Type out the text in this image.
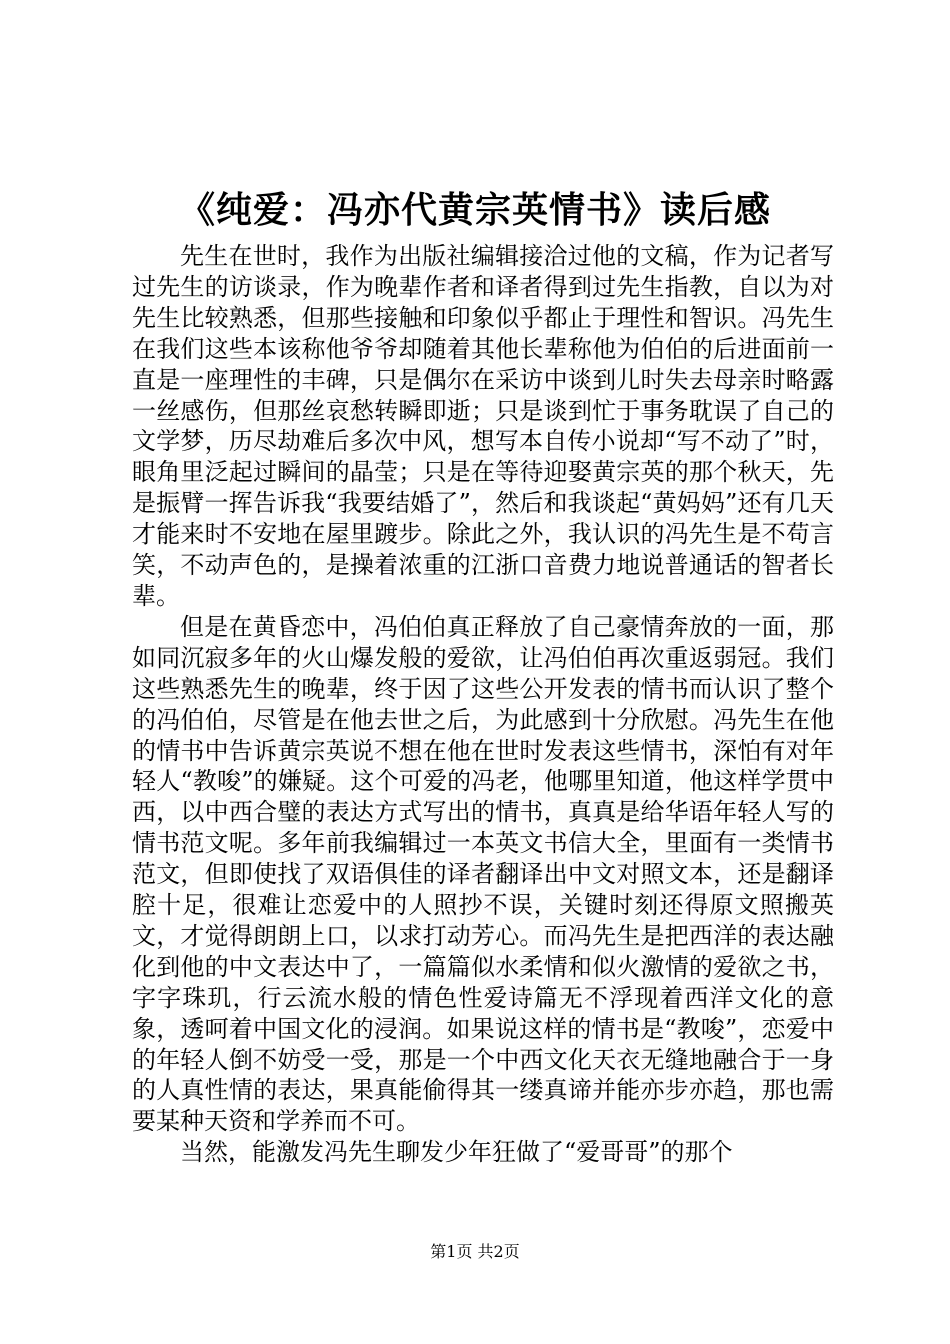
《纯爱：冯亦代黄宗英情书》读后感

先生在世时，我作为出版社编辑接洽过他的文稿，作为记者写过先生的访谈录，作为晚辈作者和译者得到过先生指教，自以为对先生比较熟悉，但那些接触和印象似乎都止于理性和智识。冯先生在我们这些本该称他爷爷却随着其他长辈称他为伯伯的后进面前一直是一座理性的丰碑，只是偶尔在采访中谈到儿时失去母亲时略露一丝感伤，但那丝哀愁转瞬即逝；只是谈到忙于事务耽误了自己的文学梦，历尽劫难后多次中风，想写本自传小说却“写不动了”时，眼角里泛起过瞬间的晶莹；只是在等待迎娶黄宗英的那个秋天，先是振臂一挥告诉我“我要结婚了”，然后和我谈起“黄妈妈”还有几天才能来时不安地在屋里踱步。除此之外，我认识的冯先生是不苟言笑，不动声色的，是操着浓重的江浙口音费力地说普通话的智者长辈。

但是在黄昏恋中，冯伯伯真正释放了自己豪情奔放的一面，那如同沉寂多年的火山爆发般的爱欲，让冯伯伯再次重返弱冠。我们这些熟悉先生的晚辈，终于因了这些公开发表的情书而认识了整个的冯伯伯，尽管是在他去世之后，为此感到十分欣慰。冯先生在他的情书中告诉黄宗英说不想在他在世时发表这些情书，深怕有对年轻人“教唆”的嫌疑。这个可爱的冯老，他哪里知道，他这样学贯中西，以中西合璧的表达方式写出的情书，真真是给华语年轻人写的情书范文呢。多年前我编辑过一本英文书信大全，里面有一类情书范文，但即使找了双语俱佳的译者翻译出中文对照文本，还是翻译腔十足，很难让恋爱中的人照抄不误，关键时刻还得原文照搬英文，才觉得朗朗上口，以求打动芳心。而冯先生是把西洋的表达融化到他的中文表达中了，一篇篇似水柔情和似火激情的爱欲之书，字字珠玑，行云流水般的情色性爱诗篇无不浮现着西洋文化的意象，透呵着中国文化的浸润。如果说这样的情书是“教唆”，恋爱中的年轻人倒不妨受一受，那是一个中西文化天衣无缝地融合于一身的人真性情的表达，果真能偷得其一缕真谛并能亦步亦趋，那也需要某种天资和学养而不可。

当然，能激发冯先生聊发少年狂做了“爱哥哥”的那个

第1页 共2页
